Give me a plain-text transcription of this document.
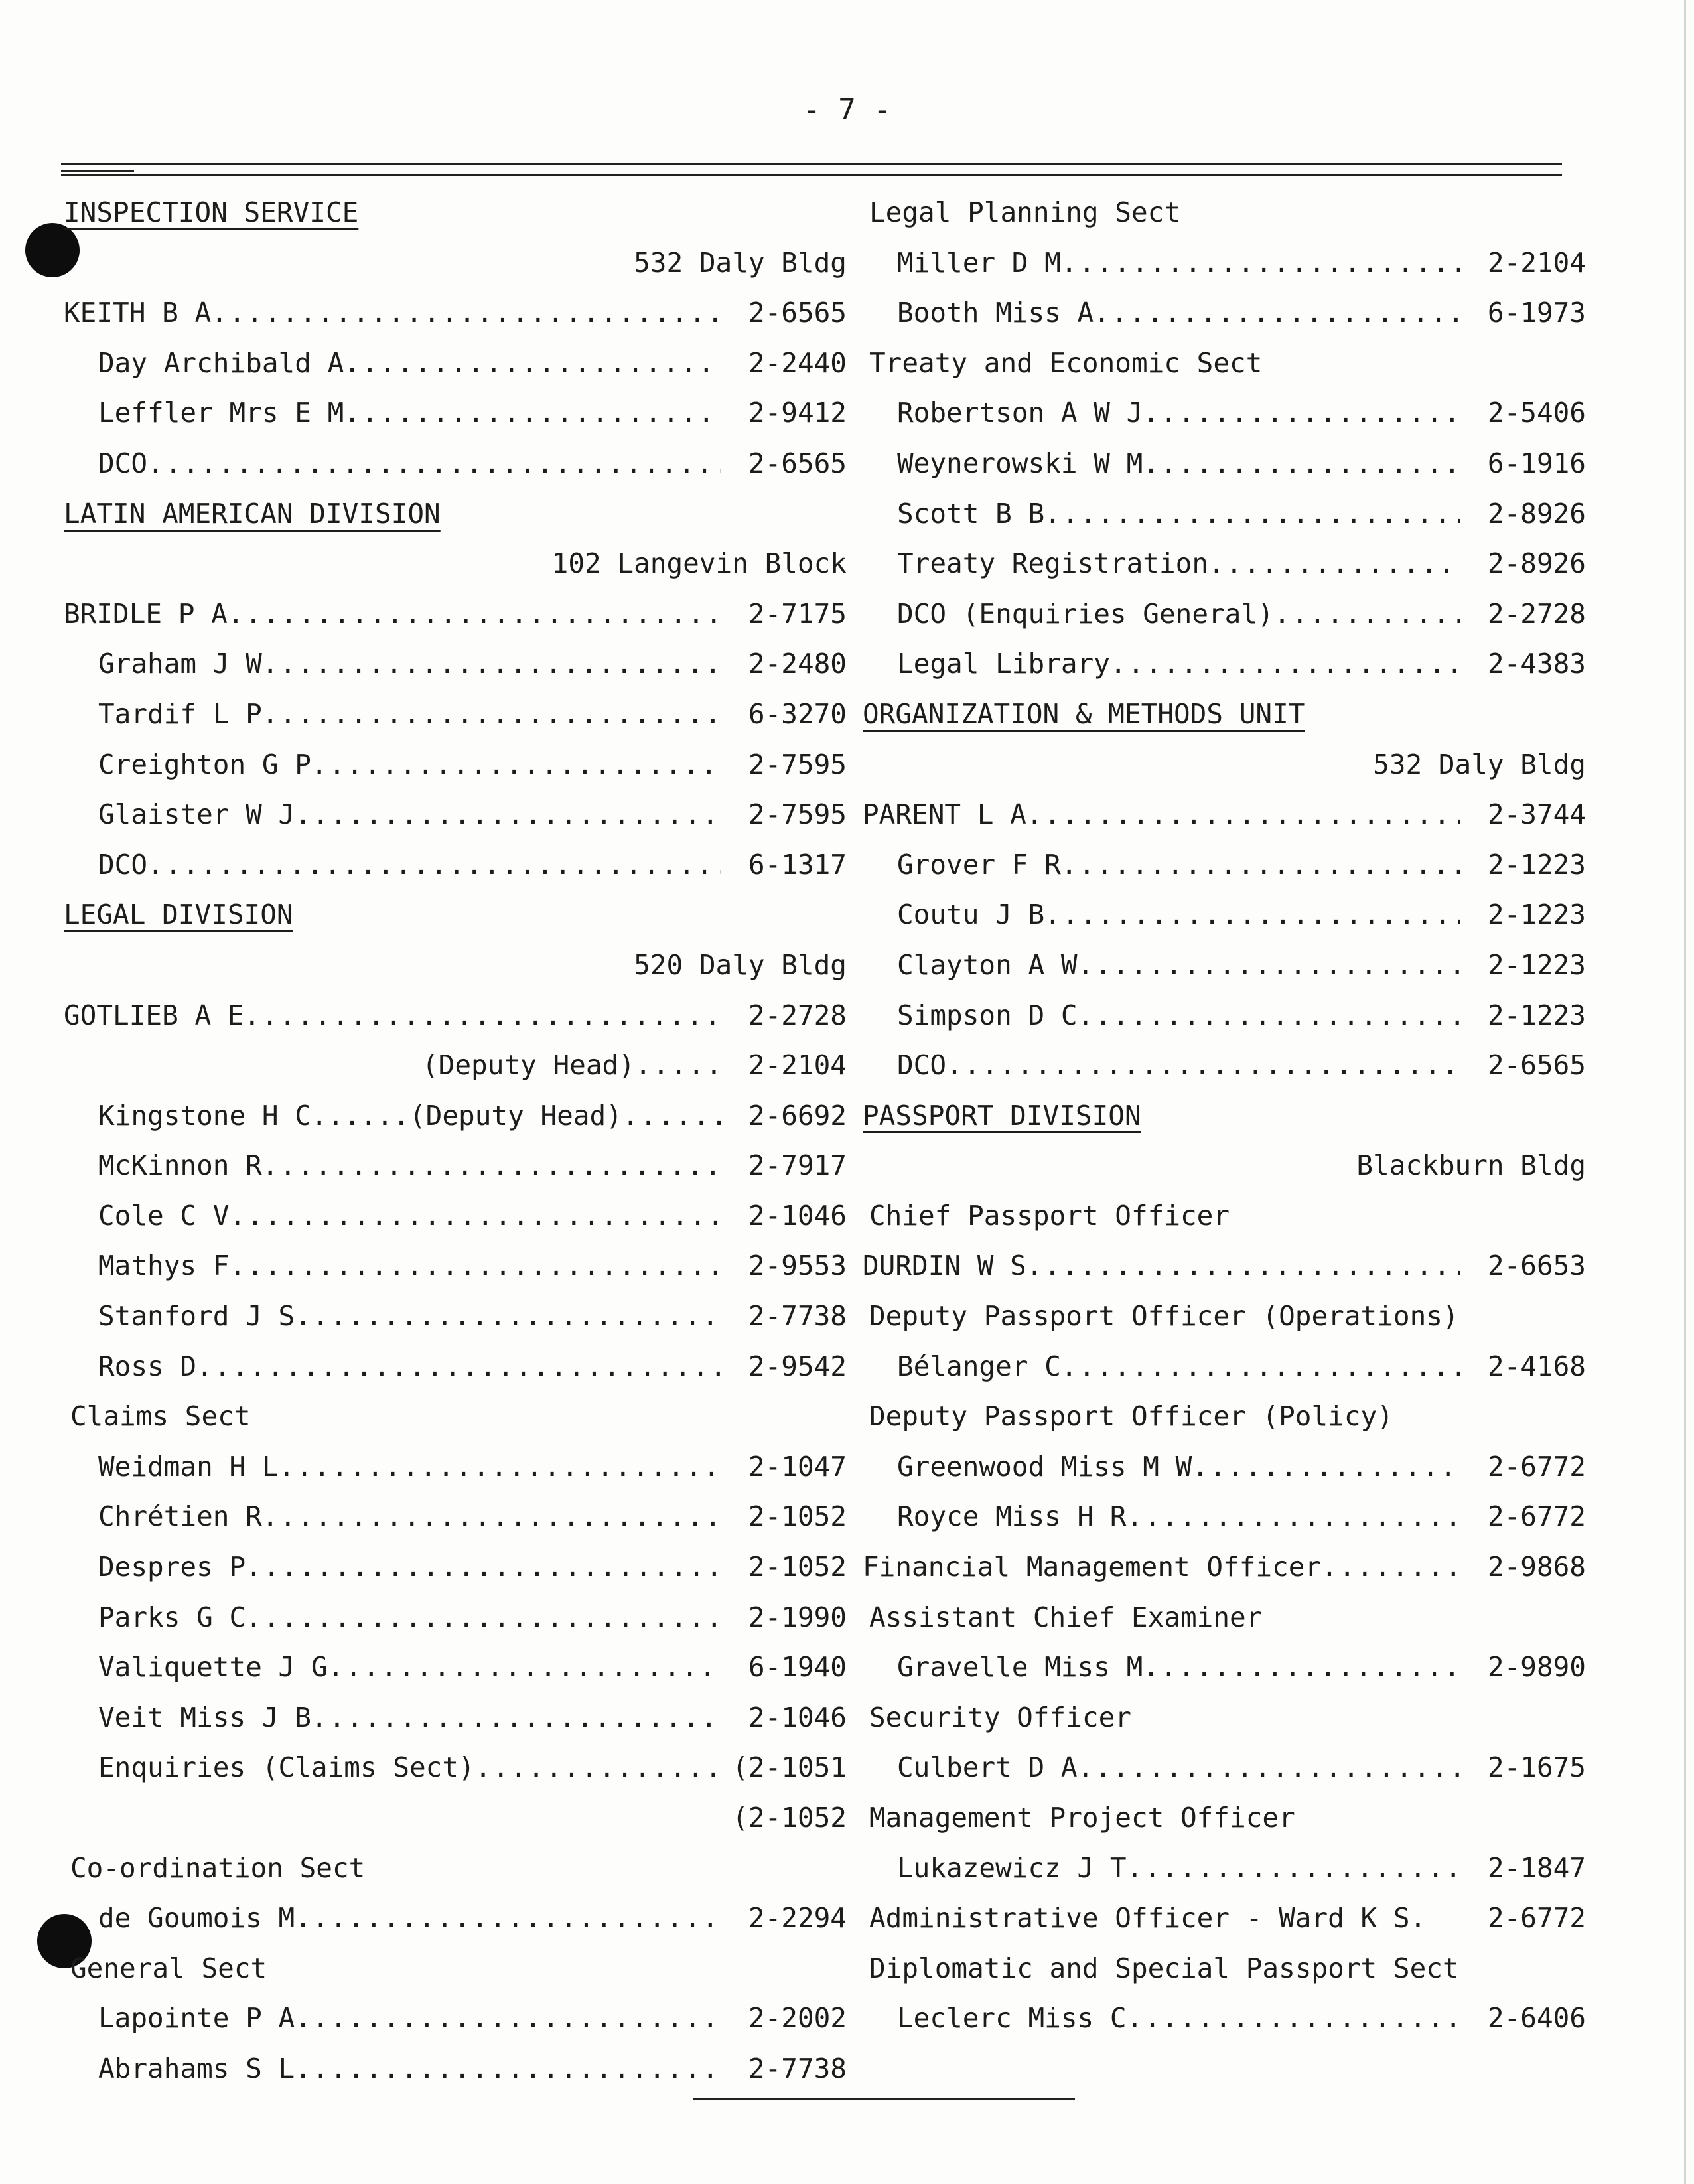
- 7 -
INSPECTION SERVICE
532 Daly Bldg
KEITH B A .....	2-6565
Day Archibald A .....	2-2440
Leffler Mrs E M .....	2-9412
DCO .....	2-6565
LATIN AMERICAN DIVISION
102 Langevin Block
BRIDLE P A .....	2-7175
Graham J W .....	2-2480
Tardif L P .....	6-3270
Creighton G P .....	2-7595
Glaister W J .....	2-7595
DCO .....	6-1317
LEGAL DIVISION
520 Daly Bldg
GOTLIEB A E .....	2-2728
(Deputy Head) .....	2-2104
Kingstone H C......(Deputy Head) .....	2-6692
McKinnon R .....	2-7917
Cole C V .....	2-1046
Mathys F .....	2-9553
Stanford J S .....	2-7738
Ross D .....	2-9542
Claims Sect
Weidman H L .....	2-1047
Chrétien R .....	2-1052
Despres P .....	2-1052
Parks G C .....	2-1990
Valiquette J G .....	6-1940
Veit Miss J B .....	2-1046
Enquiries (Claims Sect) .....	(2-1051
(2-1052
Co-ordination Sect
de Goumois M .....	2-2294
General Sect
Lapointe P A .....	2-2002
Abrahams S L .....	2-7738
Legal Planning Sect
Miller D M .....	2-2104
Booth Miss A .....	6-1973
Treaty and Economic Sect
Robertson A W J .....	2-5406
Weynerowski W M .....	6-1916
Scott B B .....	2-8926
Treaty Registration .....	2-8926
DCO (Enquiries General) .....	2-2728
Legal Library .....	2-4383
ORGANIZATION & METHODS UNIT
532 Daly Bldg
PARENT L A .....	2-3744
Grover F R .....	2-1223
Coutu J B .....	2-1223
Clayton A W .....	2-1223
Simpson D C .....	2-1223
DCO .....	2-6565
PASSPORT DIVISION
Blackburn Bldg
Chief Passport Officer
DURDIN W S .....	2-6653
Deputy Passport Officer (Operations)
Bélanger C .....	2-4168
Deputy Passport Officer (Policy)
Greenwood Miss M W .....	2-6772
Royce Miss H R .....	2-6772
Financial Management Officer .....	2-9868
Assistant Chief Examiner
Gravelle Miss M .....	2-9890
Security Officer
Culbert D A .....	2-1675
Management Project Officer
Lukazewicz J T .....	2-1847
Administrative Officer - Ward K S.	2-6772
Diplomatic and Special Passport Sect
Leclerc Miss C .....	2-6406
